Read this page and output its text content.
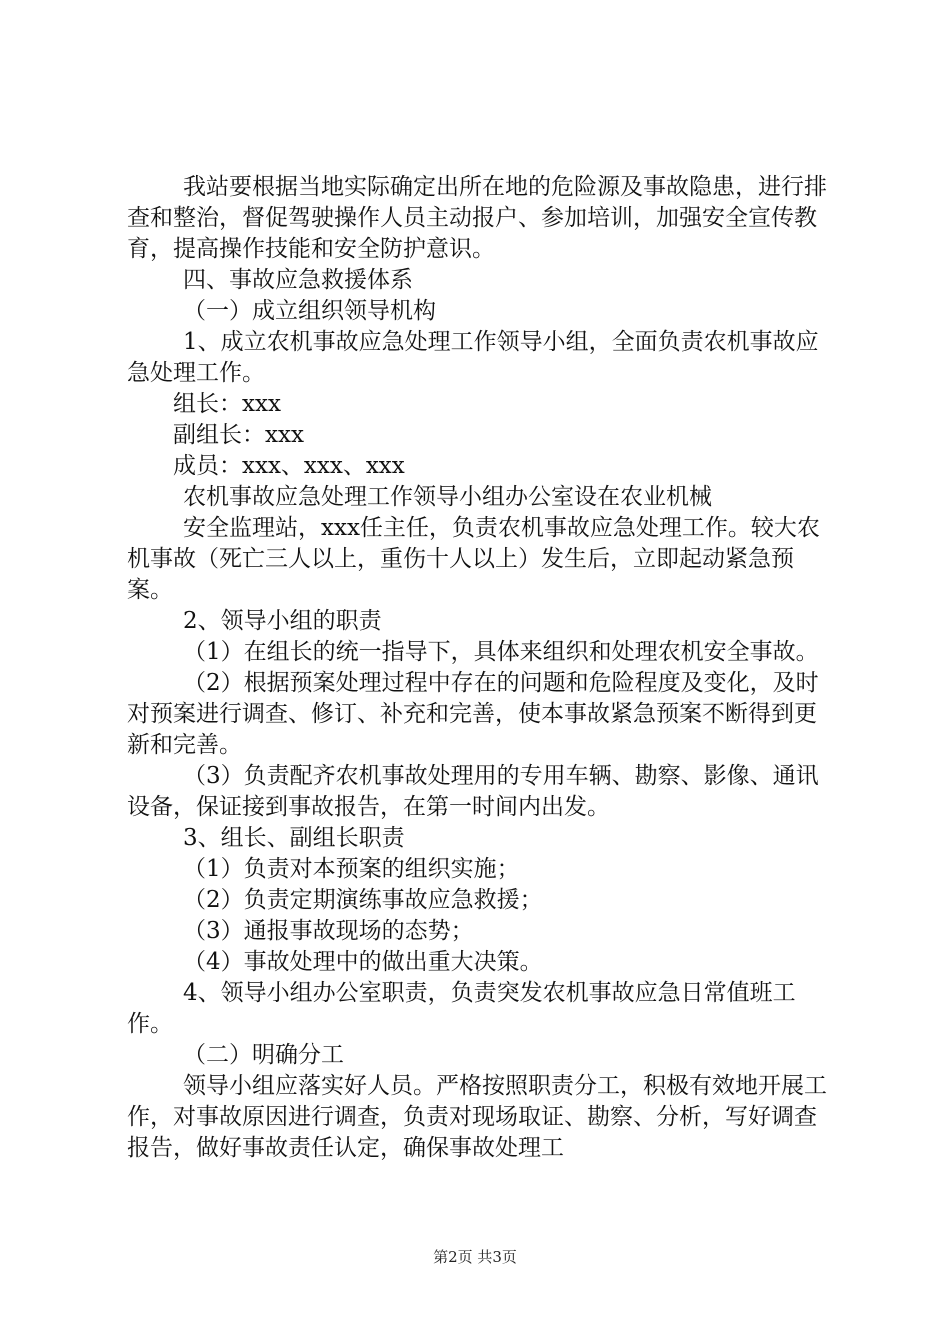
我站要根据当地实际确定出所在地的危险源及事故隐患，进行排查和整治，督促驾驶操作人员主动报户、参加培训，加强安全宣传教育，提高操作技能和安全防护意识。

四、事故应急救援体系

（一）成立组织领导机构

1、成立农机事故应急处理工作领导小组，全面负责农机事故应急处理工作。

组长：xxx

副组长：xxx

成员：xxx、xxx、xxx

农机事故应急处理工作领导小组办公室设在农业机械

安全监理站，xxx任主任，负责农机事故应急处理工作。较大农机事故（死亡三人以上，重伤十人以上）发生后，立即起动紧急预案。

2、领导小组的职责

（1）在组长的统一指导下，具体来组织和处理农机安全事故。

（2）根据预案处理过程中存在的问题和危险程度及变化，及时对预案进行调查、修订、补充和完善，使本事故紧急预案不断得到更新和完善。

（3）负责配齐农机事故处理用的专用车辆、勘察、影像、通讯设备，保证接到事故报告，在第一时间内出发。

3、组长、副组长职责

（1）负责对本预案的组织实施；

（2）负责定期演练事故应急救援；

（3）通报事故现场的态势；

（4）事故处理中的做出重大决策。

4、领导小组办公室职责，负责突发农机事故应急日常值班工作。

（二）明确分工

领导小组应落实好人员。严格按照职责分工，积极有效地开展工作，对事故原因进行调查，负责对现场取证、勘察、分析，写好调查报告，做好事故责任认定，确保事故处理工

第2页 共3页
